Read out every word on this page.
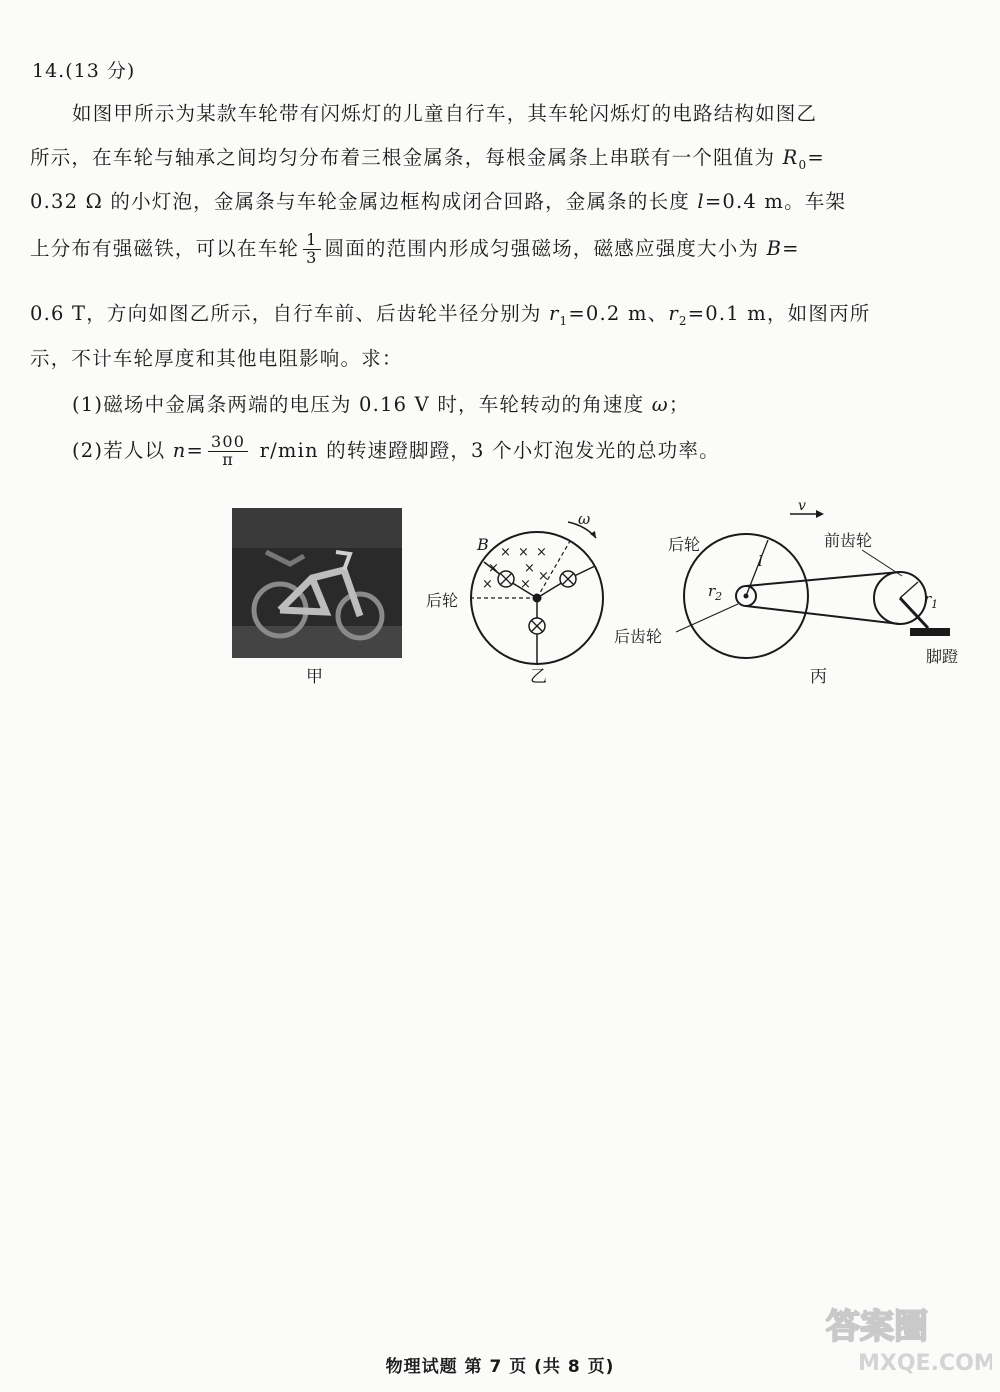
14.(13 分)
如图甲所示为某款车轮带有闪烁灯的儿童自行车，其车轮闪烁灯的电路结构如图乙
所示，在车轮与轴承之间均匀分布着三根金属条，每根金属条上串联有一个阻值为 $R_0=$
0.32 Ω 的小灯泡，金属条与车轮金属边框构成闭合回路，金属条的长度 l=0.4 m。车架
上分布有强磁铁，可以在车轮 $\frac{1}{3}$ 圆面的范围内形成匀强磁场，磁感应强度大小为 B=
0.6 T，方向如图乙所示，自行车前、后齿轮半径分别为 $r_1=0.2$ m、$r_2=0.1$ m，如图丙所
示，不计车轮厚度和其他电阻影响。求：
(1)磁场中金属条两端的电压为 0.16 V 时，车轮转动的角速度 ω；
(2)若人以 $n= \frac{300}{\pi} r/\min$ 的转速蹬脚蹬，3 个小灯泡发光的总功率。
甲
× × ×
× ×
× ×
×
ω
B
后轮
乙
v
l
$r_2$	$r_1$
后轮	前齿轮
后齿轮
脚蹬
丙
物理试题 第 7 页 (共 8 页)
答案圈
MXQE.COM
